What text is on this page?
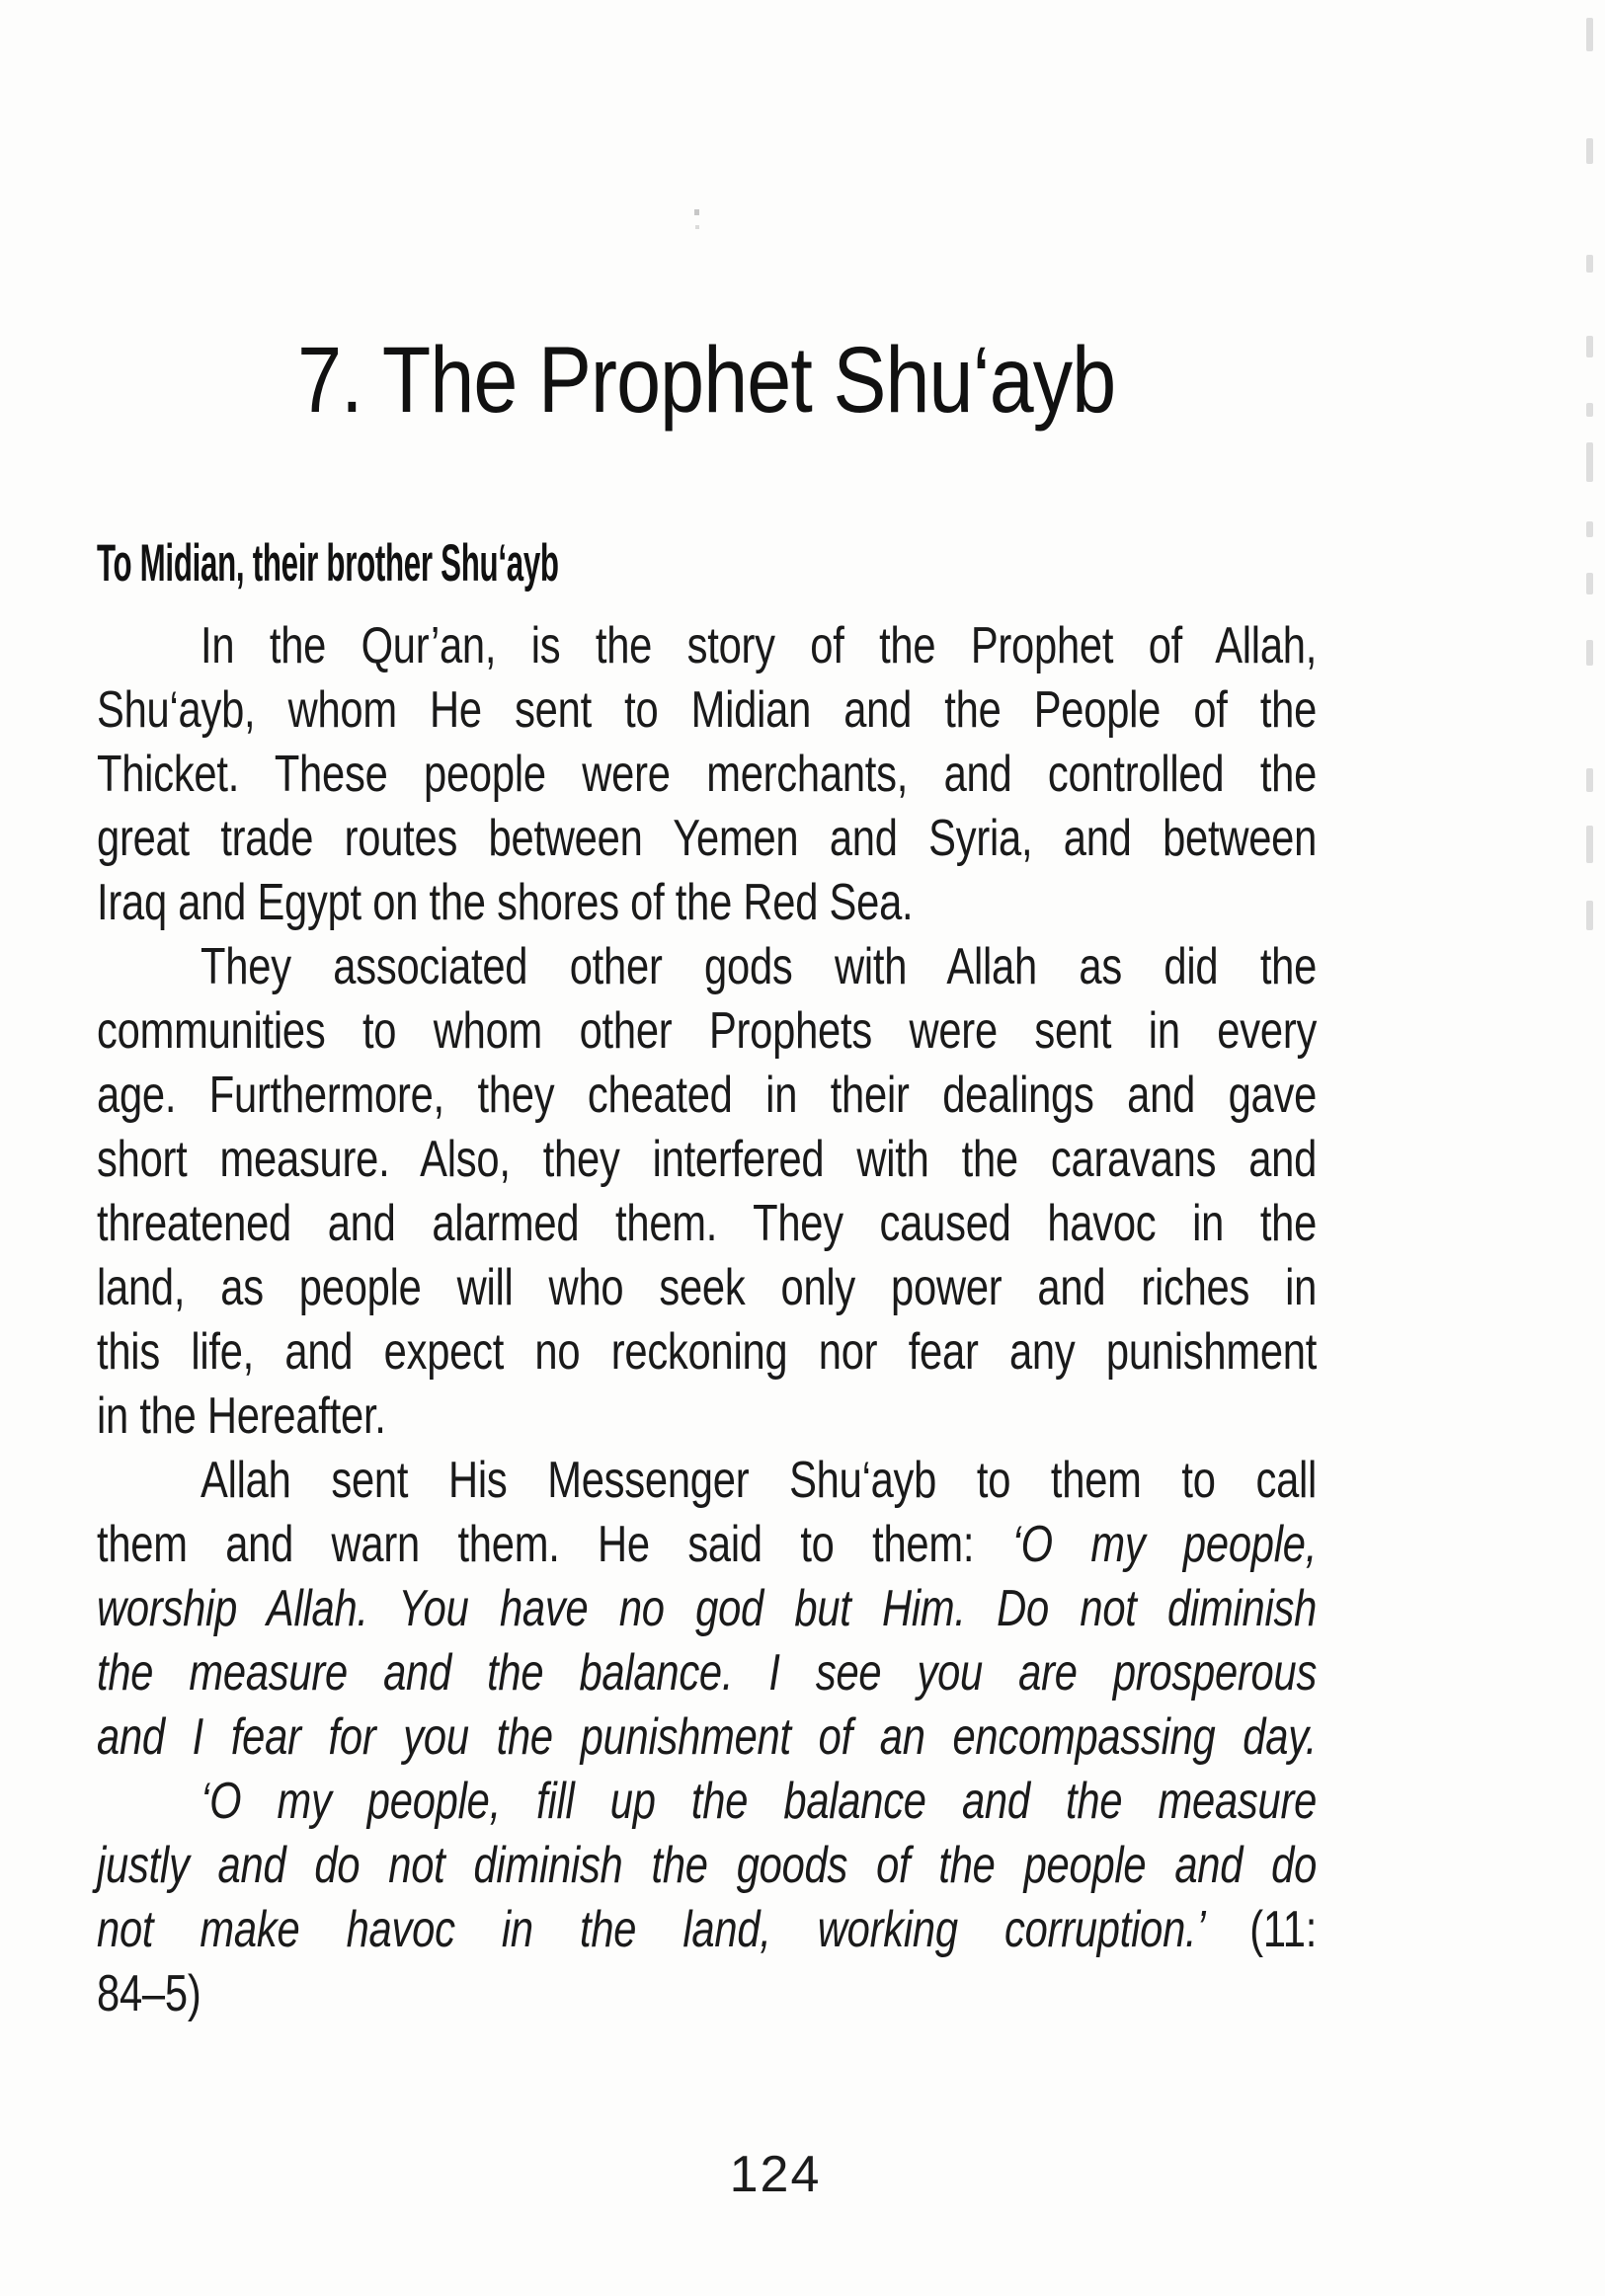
7. The Prophet Shu‘ayb
To Midian, their brother Shu‘ayb
In the Qur’an, is the story of the Prophet of Allah,
Shu‘ayb, whom He sent to Midian and the People of the
Thicket. These people were merchants, and controlled the
great trade routes between Yemen and Syria, and between
Iraq and Egypt on the shores of the Red Sea.
They associated other gods with Allah as did the
communities to whom other Prophets were sent in every
age. Furthermore, they cheated in their dealings and gave
short measure. Also, they interfered with the caravans and
threatened and alarmed them. They caused havoc in the
land, as people will who seek only power and riches in
this life, and expect no reckoning nor fear any punishment
in the Hereafter.
Allah sent His Messenger Shu‘ayb to them to call
them and warn them. He said to them: ‘O my people,
worship Allah. You have no god but Him. Do not diminish
the measure and the balance. I see you are prosperous
and I fear for you the punishment of an encompassing day.
‘O my people, fill up the balance and the measure
justly and do not diminish the goods of the people and do
not make havoc in the land, working corruption.’ (11:
84–5)
124
